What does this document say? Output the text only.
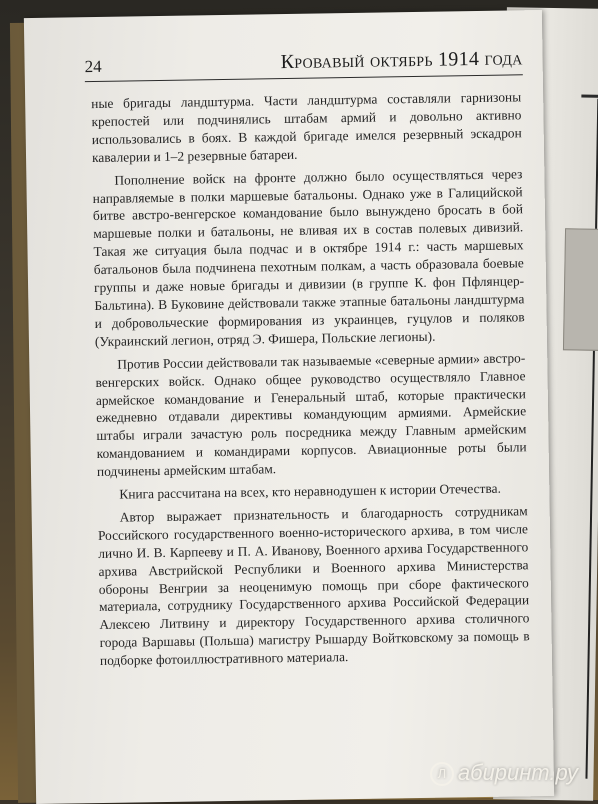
24	Кровавый октябрь 1914 года

ные бригады ландштурма. Части ландштурма составляли гарнизоны крепостей или подчинялись штабам армий и довольно активно использовались в боях. В каждой бригаде имелся резервный эскадрон кавалерии и 1–2 резервные батареи.

Пополнение войск на фронте должно было осуществляться через направляемые в полки маршевые батальоны. Однако уже в Галицийской битве австро-венгерское командование было вынуждено бросать в бой маршевые полки и батальоны, не вливая их в состав полевых дивизий. Такая же ситуация была подчас и в октябре 1914 г.: часть маршевых батальонов была подчинена пехотным полкам, а часть образовала боевые группы и даже новые бригады и дивизии (в группе К. фон Пфлянцер-Бальтина). В Буковине действовали также этапные батальоны ландштурма и добровольческие формирования из украинцев, гуцулов и поляков (Украинский легион, отряд Э. Фишера, Польские легионы).

Против России действовали так называемые «северные армии» австро-венгерских войск. Однако общее руководство осуществляло Главное армейское командование и Генеральный штаб, которые практически ежедневно отдавали директивы командующим армиями. Армейские штабы играли зачастую роль посредника между Главным армейским командованием и командирами корпусов. Авиационные роты были подчинены армейским штабам.

Книга рассчитана на всех, кто неравнодушен к истории Отечества.

Автор выражает признательность и благодарность сотрудникам Российского государственного военно-исторического архива, в том числе лично И. В. Карпееву и П. А. Иванову, Военного архива Государственного архива Австрийской Республики и Военного архива Министерства обороны Венгрии за неоценимую помощь при сборе фактического материала, сотруднику Государственного архива Российской Федерации Алексею Литвину и директору Государственного архива столичного города Варшавы (Польша) магистру Рышарду Войтковскому за помощь в подборке фотоиллюстративного материала.

Л абиринт.ру
